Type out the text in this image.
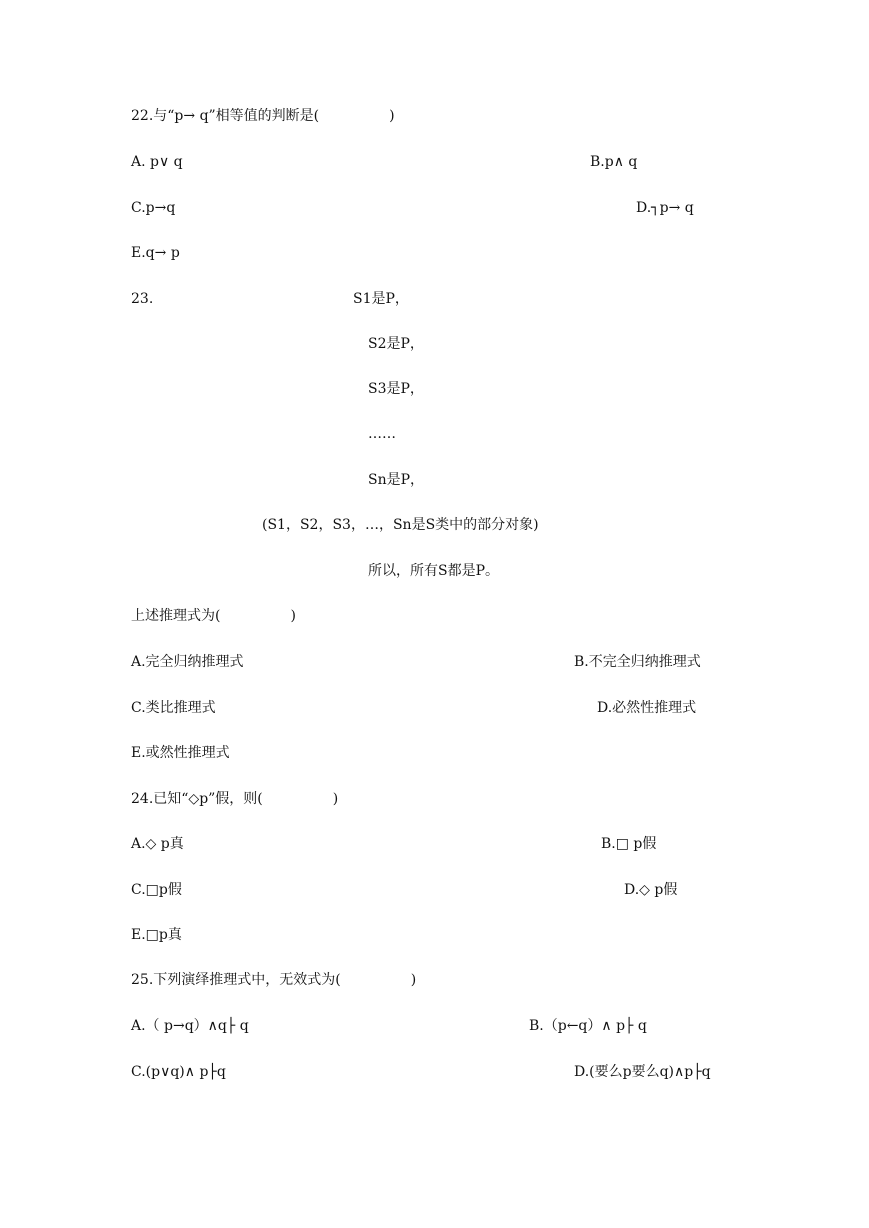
22.与“p→ q”相等值的判断是(　　　　　)
A. p∨ q	B.p∧ q
C.p→q	D.┐p→ q
E.q→ p
23.	S1是P，
S2是P，
S3是P，
……
Sn是P，
(S1，S2，S3，…，Sn是S类中的部分对象)
所以，所有S都是P。
上述推理式为(　　　　　)
A.完全归纳推理式	B.不完全归纳推理式
C.类比推理式	D.必然性推理式
E.或然性推理式
24.已知“◇p”假，则(　　　　　)
A.◇ p真	B.□ p假
C.□p假	D.◇ p假
E.□p真
25.下列演绎推理式中，无效式为(　　　　　)
A.（ p→q）∧q├ q	B.（p←q）∧ p├ q
C.(p∨q)∧ p├q	D.(要么p要么q)∧p├q
